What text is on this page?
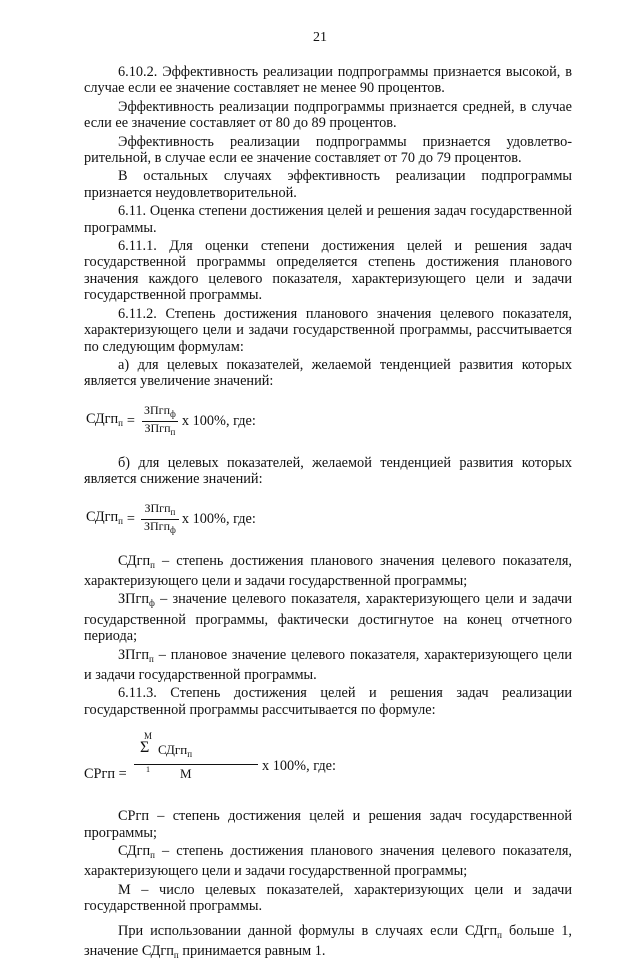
21

6.10.2. Эффективность реализации подпрограммы признается высокой, в случае если ее значение составляет не менее 90 процентов.

Эффективность реализации подпрограммы признается средней, в случае если ее значение составляет от 80 до 89 процентов.

Эффективность реализации подпрограммы признается удовлетворительной, в случае если ее значение составляет от 70 до 79 процентов.

В остальных случаях эффективность реализации подпрограммы признается неудовлетворительной.

6.11. Оценка степени достижения целей и решения задач государственной программы.

6.11.1. Для оценки степени достижения целей и решения задач государственной программы определяется степень достижения планового значения каждого целевого показателя, характеризующего цели и задачи государственной программы.

6.11.2. Степень достижения планового значения целевого показателя, характеризующего цели и задачи государственной программы, рассчитывается по следующим формулам:

а) для целевых показателей, желаемой тенденцией развития которых является увеличение значений:

СДгп$_п$ = $\frac{ЗПгп_ф}{ЗПгп_п}$ х 100%, где:

б) для целевых показателей, желаемой тенденцией развития которых является снижение значений:

СДгп$_п$ = $\frac{ЗПгп_п}{ЗПгп_ф}$ х 100%, где:

СДгп$_п$ – степень достижения планового значения целевого показателя, характеризующего цели и задачи государственной программы;

ЗПгп$_ф$ – значение целевого показателя, характеризующего цели и задачи государственной программы, фактически достигнутое на конец отчетного периода;

ЗПгп$_п$ – плановое значение целевого показателя, характеризующего цели и задачи государственной программы.

6.11.3. Степень достижения целей и решения задач реализации государственной программы рассчитывается по формуле:

СРгп =
М
Σ
1
СДгп$_п$
М	х 100%, где:

СРгп – степень достижения целей и решения задач государственной программы;

СДгп$_п$ – степень достижения планового значения целевого показателя, характеризующего цели и задачи государственной программы;

М – число целевых показателей, характеризующих цели и задачи государственной программы.

При использовании данной формулы в случаях если СДгп$_п$ больше 1, значение СДгп$_п$ принимается равным 1.
